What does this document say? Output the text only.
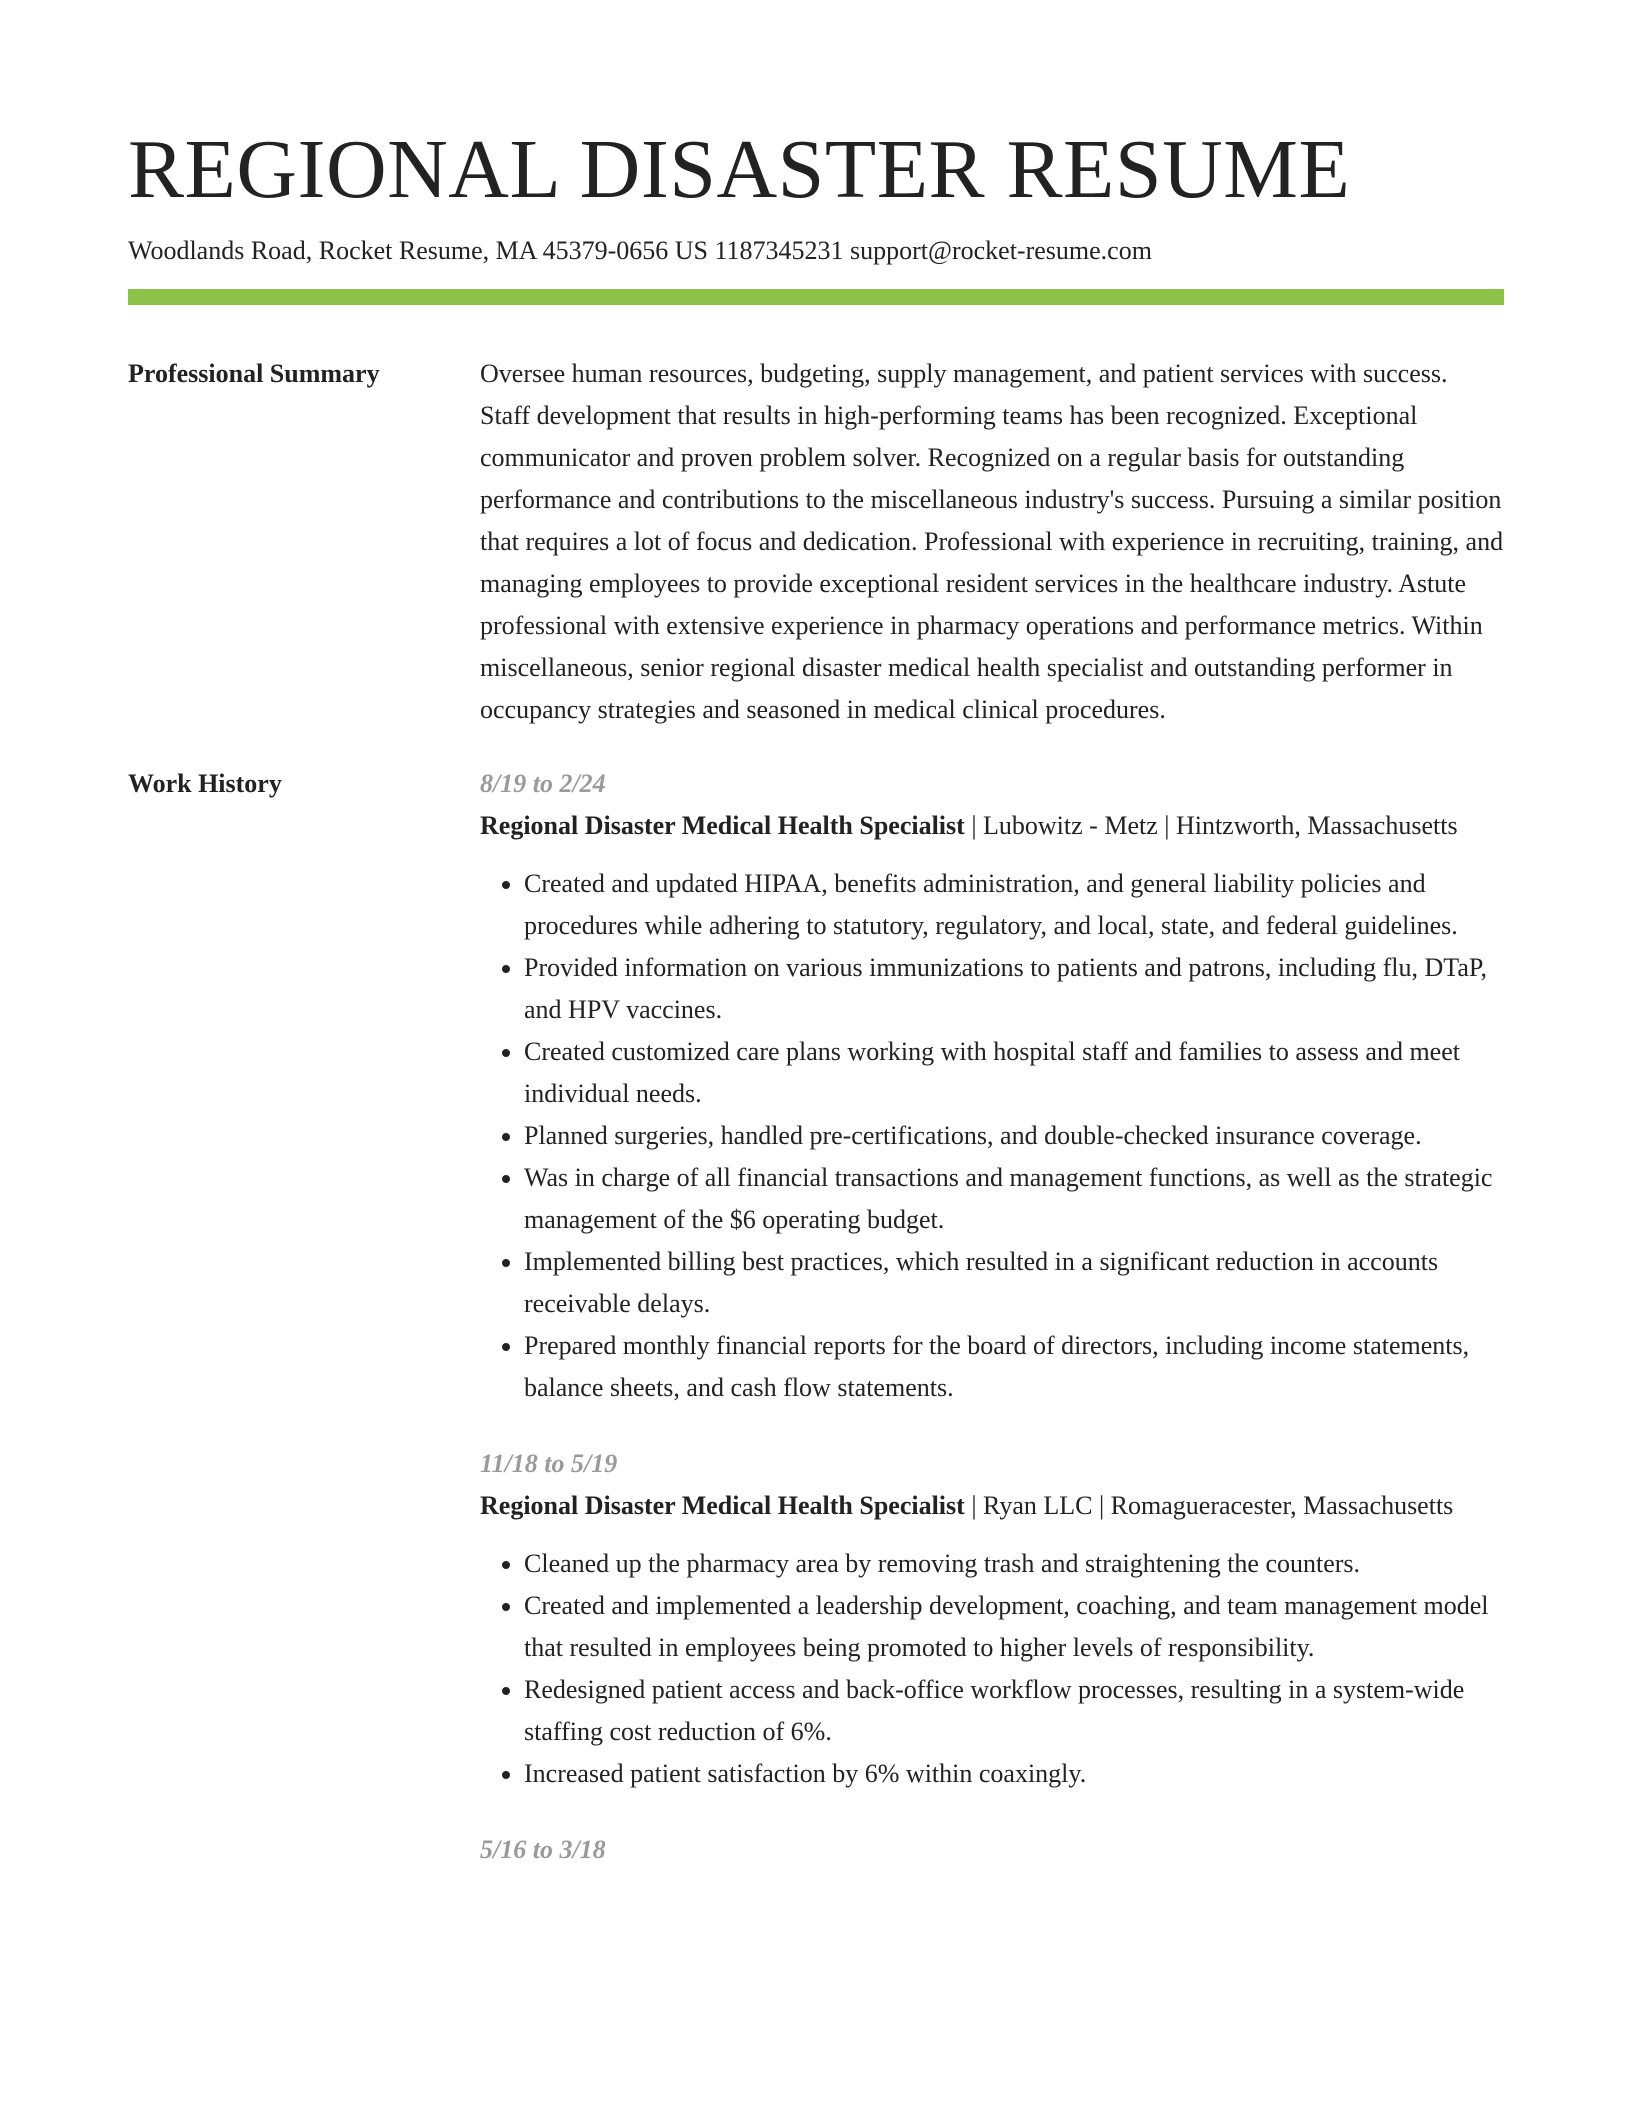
REGIONAL DISASTER RESUME
Woodlands Road, Rocket Resume, MA 45379-0656 US 1187345231 support@rocket-resume.com
Professional Summary	Oversee human resources, budgeting, supply management, and patient services with success. Staff development that results in high-performing teams has been recognized. Exceptional communicator and proven problem solver. Recognized on a regular basis for outstanding performance and contributions to the miscellaneous industry's success. Pursuing a similar position that requires a lot of focus and dedication. Professional with experience in recruiting, training, and managing employees to provide exceptional resident services in the healthcare industry. Astute professional with extensive experience in pharmacy operations and performance metrics. Within miscellaneous, senior regional disaster medical health specialist and outstanding performer in occupancy strategies and seasoned in medical clinical procedures.

Work History	8/19 to 2/24

Regional Disaster Medical Health Specialist | Lubowitz - Metz | Hintzworth, Massachusetts

• Created and updated HIPAA, benefits administration, and general liability policies and procedures while adhering to statutory, regulatory, and local, state, and federal guidelines.
• Provided information on various immunizations to patients and patrons, including flu, DTaP, and HPV vaccines.
• Created customized care plans working with hospital staff and families to assess and meet individual needs.
• Planned surgeries, handled pre-certifications, and double-checked insurance coverage.
• Was in charge of all financial transactions and management functions, as well as the strategic management of the $6 operating budget.
• Implemented billing best practices, which resulted in a significant reduction in accounts receivable delays.
• Prepared monthly financial reports for the board of directors, including income statements, balance sheets, and cash flow statements.
11/18 to 5/19

Regional Disaster Medical Health Specialist | Ryan LLC | Romagueracester, Massachusetts

• Cleaned up the pharmacy area by removing trash and straightening the counters.
• Created and implemented a leadership development, coaching, and team management model that resulted in employees being promoted to higher levels of responsibility.
• Redesigned patient access and back-office workflow processes, resulting in a system-wide staffing cost reduction of 6%.
• Increased patient satisfaction by 6% within coaxingly.
5/16 to 3/18
